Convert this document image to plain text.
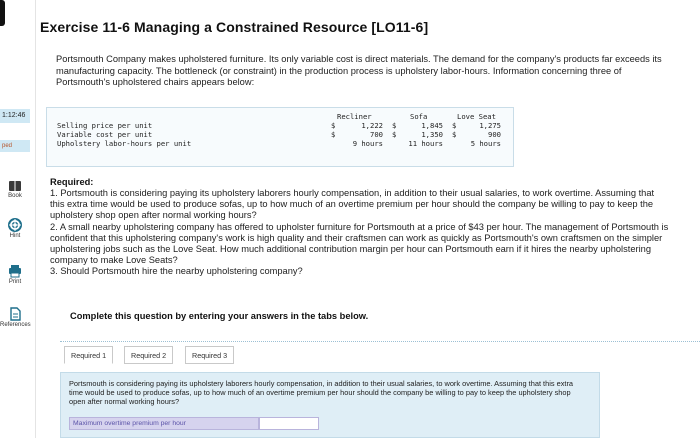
1:12:46
ped
Book
Hint
Print
References
Exercise 11-6 Managing a Constrained Resource [LO11-6]
Portsmouth Company makes upholstered furniture. Its only variable cost is direct materials. The demand for the company's products far exceeds its manufacturing capacity. The bottleneck (or constraint) in the production process is upholstery labor-hours. Information concerning three of Portsmouth's upholstered chairs appears below:
Recliner	Sofa	Love Seat
Selling price per unit	$	1,222 $	1,845 $	1,275
Variable cost per unit	$	700 $	1,350 $	900
Upholstery labor-hours per unit	9 hours	11 hours	5 hours
Required:
1. Portsmouth is considering paying its upholstery laborers hourly compensation, in addition to their usual salaries, to work overtime. Assuming that this extra time would be used to produce sofas, up to how much of an overtime premium per hour should the company be willing to pay to keep the upholstery shop open after normal working hours?
2. A small nearby upholstering company has offered to upholster furniture for Portsmouth at a price of $43 per hour. The management of Portsmouth is confident that this upholstering company's work is high quality and their craftsmen can work as quickly as Portsmouth's own craftsmen on the simpler upholstering jobs such as the Love Seat. How much additional contribution margin per hour can Portsmouth earn if it hires the nearby upholstering company to make Love Seats?
3. Should Portsmouth hire the nearby upholstering company?
Complete this question by entering your answers in the tabs below.
Required 1	Required 2	Required 3
Portsmouth is considering paying its upholstery laborers hourly compensation, in addition to their usual salaries, to work overtime. Assuming that this extra time would be used to produce sofas, up to how much of an overtime premium per hour should the company be willing to pay to keep the upholstery shop open after normal working hours?
Maximum overtime premium per hour
